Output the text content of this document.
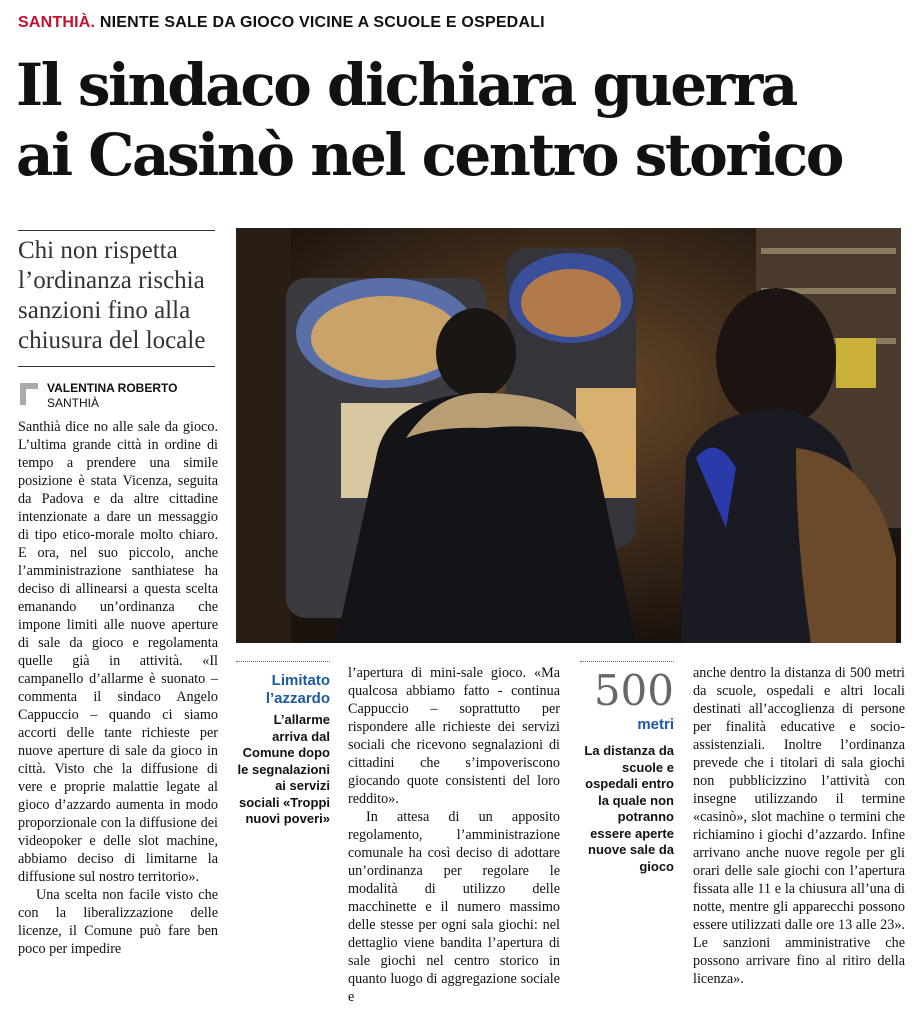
SANTHIÀ. NIENTE SALE DA GIOCO VICINE A SCUOLE E OSPEDALI
Il sindaco dichiara guerra
ai Casinò nel centro storico
Chi non rispetta l’ordinanza rischia sanzioni fino alla chiusura del locale
VALENTINA ROBERTO
SANTHIÀ

Santhià dice no alle sale da gioco. L’ultima grande città in ordine di tempo a prendere una simile posizione è stata Vicenza, seguita da Padova e da altre cittadine intenzionate a dare un messaggio di tipo etico-morale molto chiaro. E ora, nel suo piccolo, anche l’amministrazione santhiatese ha deciso di allinearsi a questa scelta emanando un’ordinanza che impone limiti alle nuove aperture di sale da gioco e regolamenta quelle già in attività. «Il campanello d’allarme è suonato – commenta il sindaco Angelo Cappuccio – quando ci siamo accorti delle tante richieste per nuove aperture di sale da gioco in città. Visto che la diffusione di vere e proprie malattie legate al gioco d’azzardo aumenta in modo proporzionale con la diffusione dei videopoker e delle slot machine, abbiamo deciso di limitarne la diffusione sul nostro territorio».

Una scelta non facile visto che con la liberalizzazione delle licenze, il Comune può fare ben poco per impedire

Limitato l’azzardo
L’allarme arriva dal Comune dopo le segnalazioni ai servizi sociali «Troppi nuovi poveri»

l’apertura di mini-sale gioco. «Ma qualcosa abbiamo fatto - continua Cappuccio – soprattutto per rispondere alle richieste dei servizi sociali che ricevono segnalazioni di cittadini che s’impoveriscono giocando quote consistenti del loro reddito».

In attesa di un apposito regolamento, l’amministrazione comunale ha così deciso di adottare un’ordinanza per regolare le modalità di utilizzo delle macchinette e il numero massimo delle stesse per ogni sala giochi: nel dettaglio viene bandita l’apertura di sale giochi nel centro storico in quanto luogo di aggregazione sociale e

500
metri
La distanza da scuole e ospedali entro la quale non potranno essere aperte nuove sale da gioco

anche dentro la distanza di 500 metri da scuole, ospedali e altri locali destinati all’accoglienza di persone per finalità educative e socio-assistenziali. Inoltre l’ordinanza prevede che i titolari di sala giochi non pubblicizzino l’attività con insegne utilizzando il termine «casinò», slot machine o termini che richiamino i giochi d’azzardo. Infine arrivano anche nuove regole per gli orari delle sale giochi con l’apertura fissata alle 11 e la chiusura all’una di notte, mentre gli apparecchi possono essere utilizzati dalle ore 13 alle 23». Le sanzioni amministrative che possono arrivare fino al ritiro della licenza».
